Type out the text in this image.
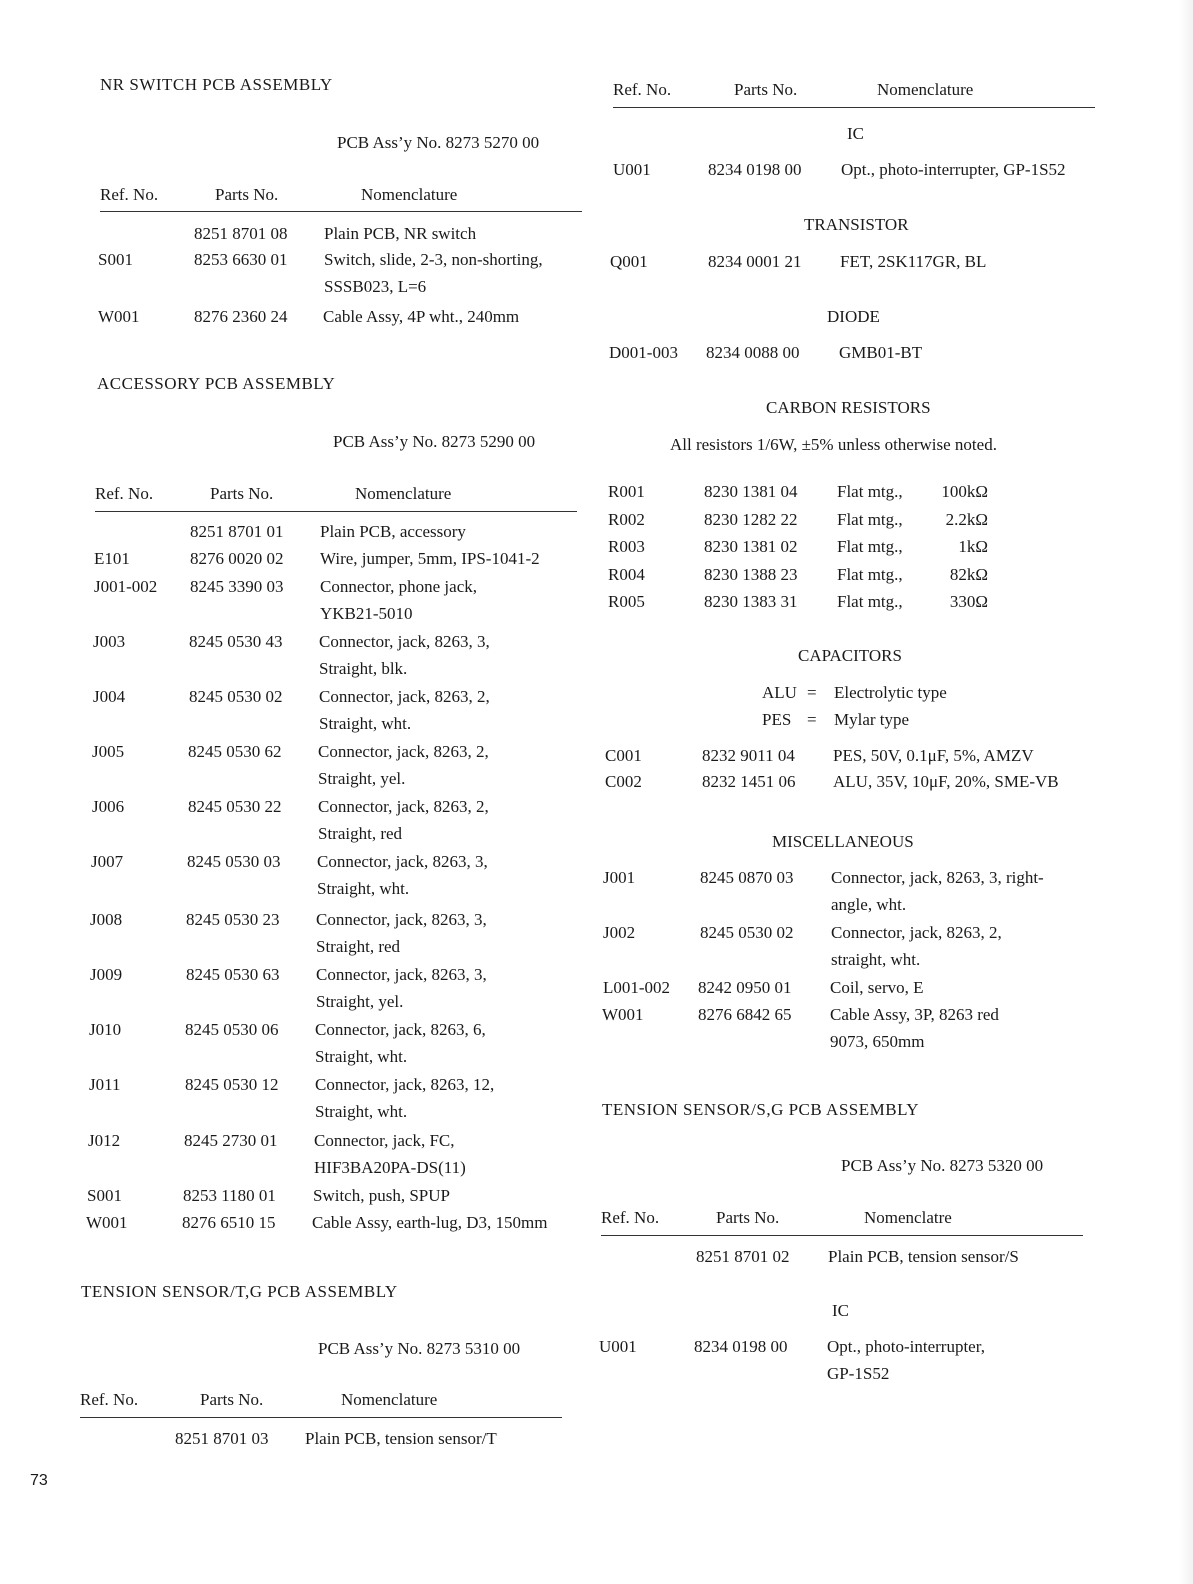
NR SWITCH PCB ASSEMBLY
PCB Ass’y No. 8273 5270 00
Ref. No.	Parts No.	Nomenclature
8251 8701 08 Plain PCB, NR switch
S001	8253 6630 01 Switch, slide, 2-3, non-shorting,
SSSB023, L=6
W001	8276 2360 24 Cable Assy, 4P wht., 240mm
ACCESSORY PCB ASSEMBLY
PCB Ass’y No. 8273 5290 00
Ref. No.	Parts No.	Nomenclature
8251 8701 01 Plain PCB, accessory
E101	8276 0020 02 Wire, jumper, 5mm, IPS-1041-2
J001-002 8245 3390 03 Connector, phone jack,
YKB21-5010
J003	8245 0530 43 Connector, jack, 8263, 3,
Straight, blk.
J004	8245 0530 02 Connector, jack, 8263, 2,
Straight, wht.
J005	8245 0530 62 Connector, jack, 8263, 2,
Straight, yel.
J006	8245 0530 22 Connector, jack, 8263, 2,
Straight, red
J007	8245 0530 03 Connector, jack, 8263, 3,
Straight, wht.
J008	8245 0530 23 Connector, jack, 8263, 3,
Straight, red
J009	8245 0530 63 Connector, jack, 8263, 3,
Straight, yel.
J010	8245 0530 06 Connector, jack, 8263, 6,
Straight, wht.
J011	8245 0530 12 Connector, jack, 8263, 12,
Straight, wht.
J012	8245 2730 01 Connector, jack, FC,
HIF3BA20PA-DS(11)
S001	8253 1180 01 Switch, push, SPUP
W001	8276 6510 15 Cable Assy, earth-lug, D3, 150mm
TENSION SENSOR/T,G PCB ASSEMBLY
PCB Ass’y No. 8273 5310 00
Ref. No.	Parts No.	Nomenclature
8251 8701 03 Plain PCB, tension sensor/T
Ref. No.	Parts No.	Nomenclature
IC
U001	8234 0198 00 Opt., photo-interrupter, GP-1S52
TRANSISTOR
Q001	8234 0001 21 FET, 2SK117GR, BL
DIODE
D001-003 8234 0088 00 GMB01-BT
CARBON RESISTORS
All resistors 1/6W, ±5% unless otherwise noted.
R001	8230 1381 04 Flat mtg.,	100kΩ
R002	8230 1282 22 Flat mtg.,	2.2kΩ
R003	8230 1381 02 Flat mtg.,	1kΩ
R004	8230 1388 23 Flat mtg.,	82kΩ
R005	8230 1383 31 Flat mtg.,	330Ω
CAPACITORS
ALU = Electrolytic type
PES = Mylar type
C001	8232 9011 04 PES, 50V, 0.1μF, 5%, AMZV
C002	8232 1451 06 ALU, 35V, 10μF, 20%, SME-VB
MISCELLANEOUS
J001	8245 0870 03 Connector, jack, 8263, 3, right-
angle, wht.
J002	8245 0530 02 Connector, jack, 8263, 2,
straight, wht.
L001-002 8242 0950 01 Coil, servo, E
W001	8276 6842 65 Cable Assy, 3P, 8263 red
9073, 650mm
TENSION SENSOR/S,G PCB ASSEMBLY
PCB Ass’y No. 8273 5320 00
Ref. No.	Parts No.	Nomenclatre
8251 8701 02 Plain PCB, tension sensor/S
IC
U001	8234 0198 00 Opt., photo-interrupter,
GP-1S52
73
